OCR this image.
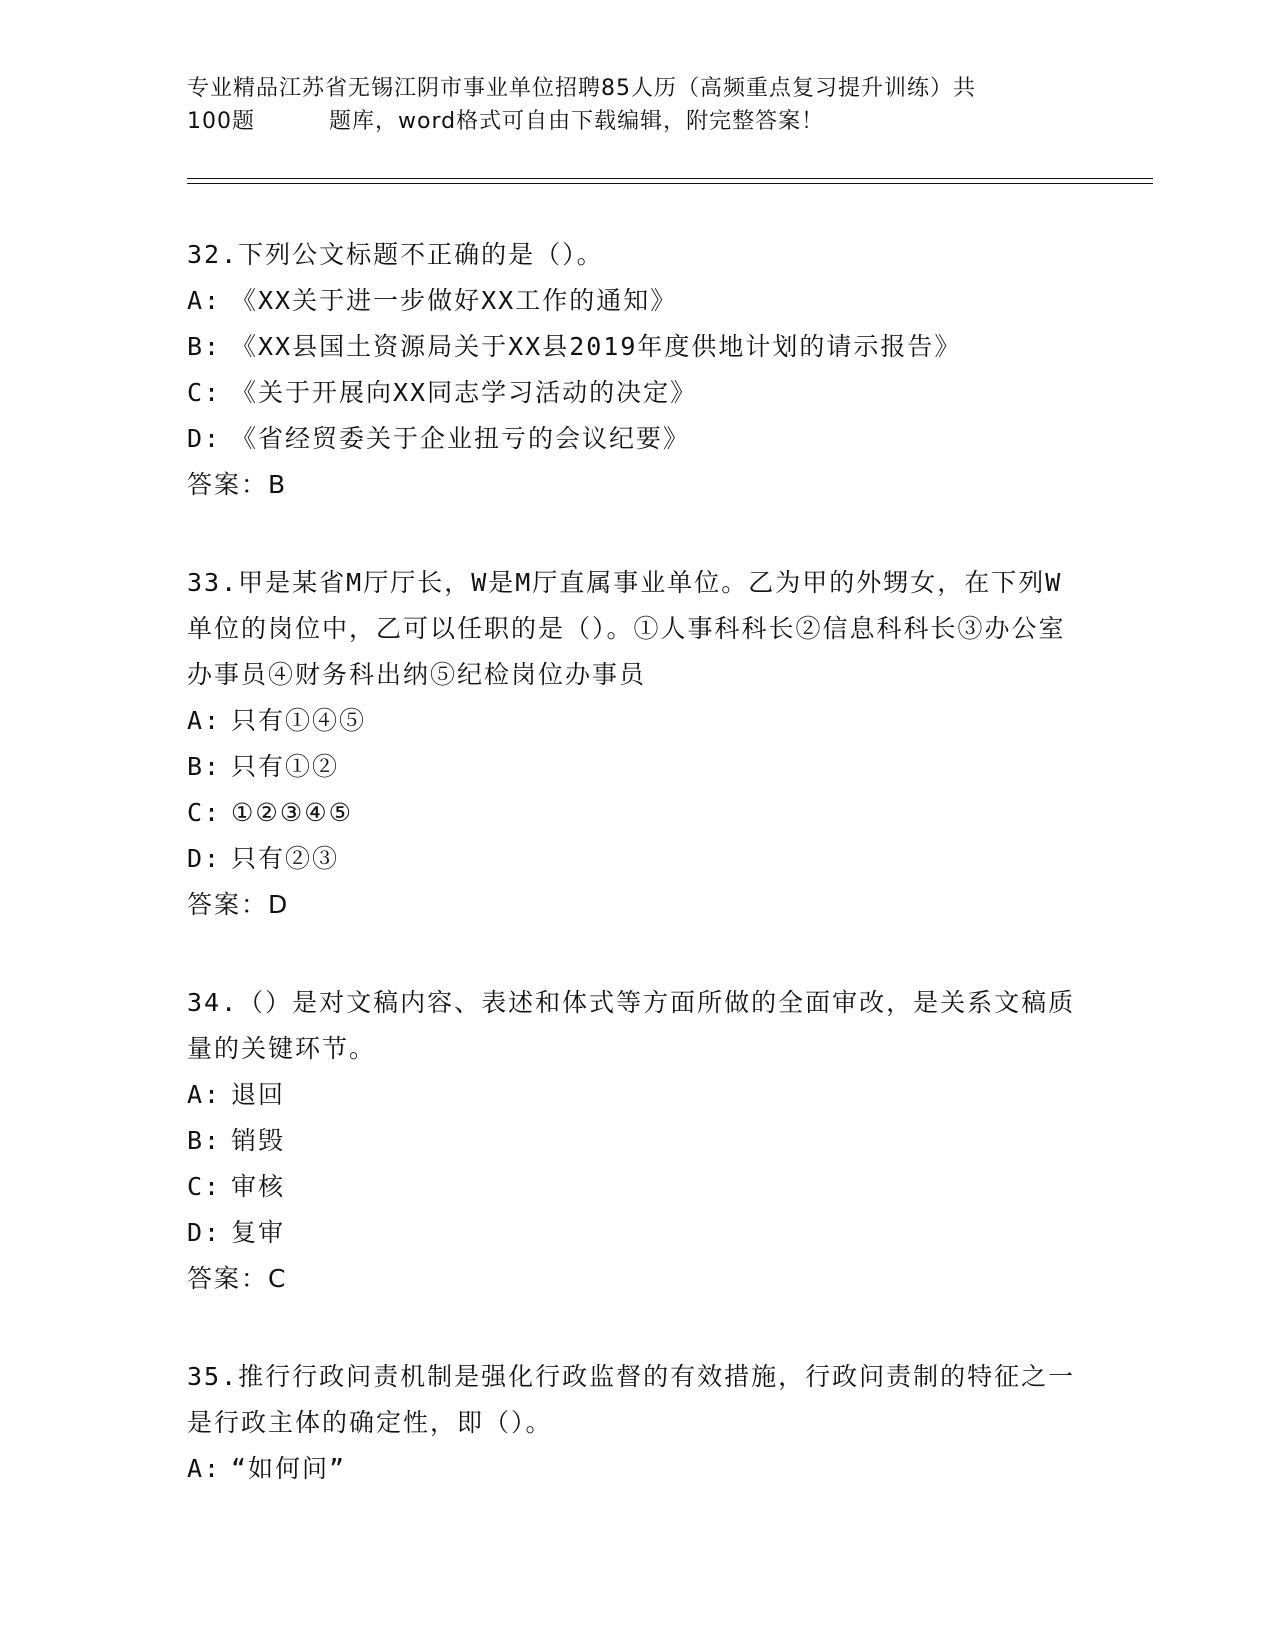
专业精品江苏省无锡江阴市事业单位招聘85人历（高频重点复习提升训练）共
100题	题库，word格式可自由下载编辑，附完整答案！
32.下列公文标题不正确的是（）。
A: 《XX关于进一步做好XX工作的通知》
B: 《XX县国土资源局关于XX县2019年度供地计划的请示报告》
C: 《关于开展向XX同志学习活动的决定》
D: 《省经贸委关于企业扭亏的会议纪要》
答案：B
33.甲是某省M厅厅长，W是M厅直属事业单位。乙为甲的外甥女，在下列W单位的岗位中，乙可以任职的是（）。①人事科科长②信息科科长③办公室办事员④财务科出纳⑤纪检岗位办事员
A: 只有①④⑤
B: 只有①②
C: ①②③④⑤
D: 只有②③
答案：D
34.（）是对文稿内容、表述和体式等方面所做的全面审改，是关系文稿质量的关键环节。
A: 退回
B: 销毁
C: 审核
D: 复审
答案：C
35.推行行政问责机制是强化行政监督的有效措施，行政问责制的特征之一是行政主体的确定性，即（）。
A: “如何问”
